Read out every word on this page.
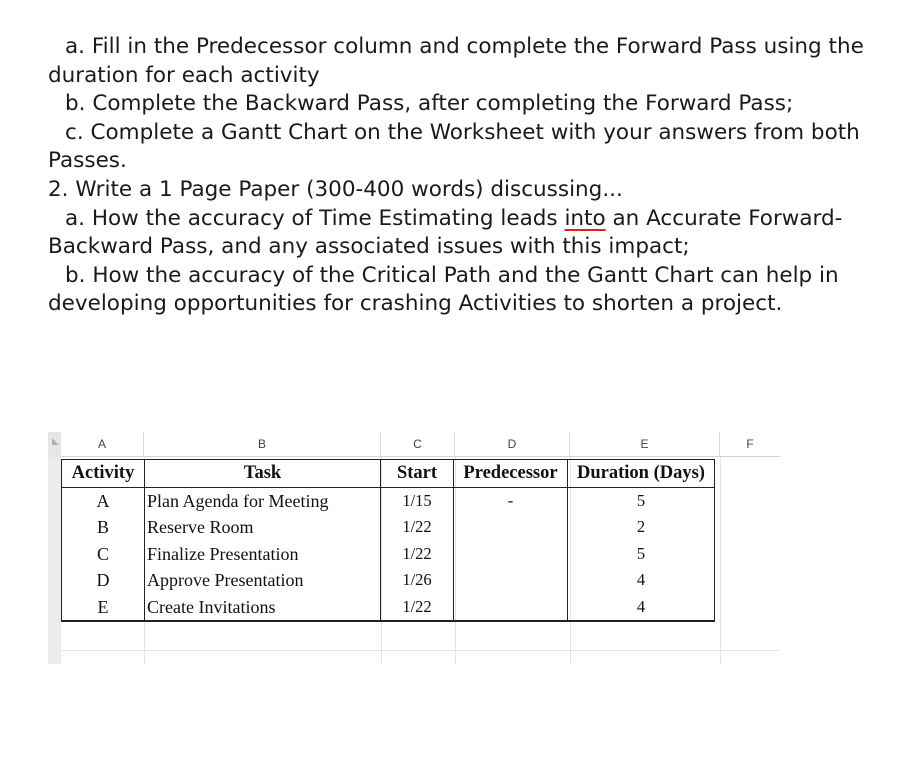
a. Fill in the Predecessor column and complete the Forward Pass using the duration for each activity

b. Complete the Backward Pass, after completing the Forward Pass;

c. Complete a Gantt Chart on the Worksheet with your answers from both Passes.

2. Write a 1 Page Paper (300-400 words) discussing...

a. How the accuracy of Time Estimating leads into an Accurate Forward-Backward Pass, and any associated issues with this impact;

b. How the accuracy of the Critical Path and the Gantt Chart can help in developing opportunities for crashing Activities to shorten a project.

A	B	C	D	E	F
Activity	Task	Start	Predecessor	Duration (Days)
A	Plan Agenda for Meeting	1/15	-	5
B	Reserve Room	1/22		2
C	Finalize Presentation	1/22		5
D	Approve Presentation	1/26		4
E	Create Invitations	1/22		4
